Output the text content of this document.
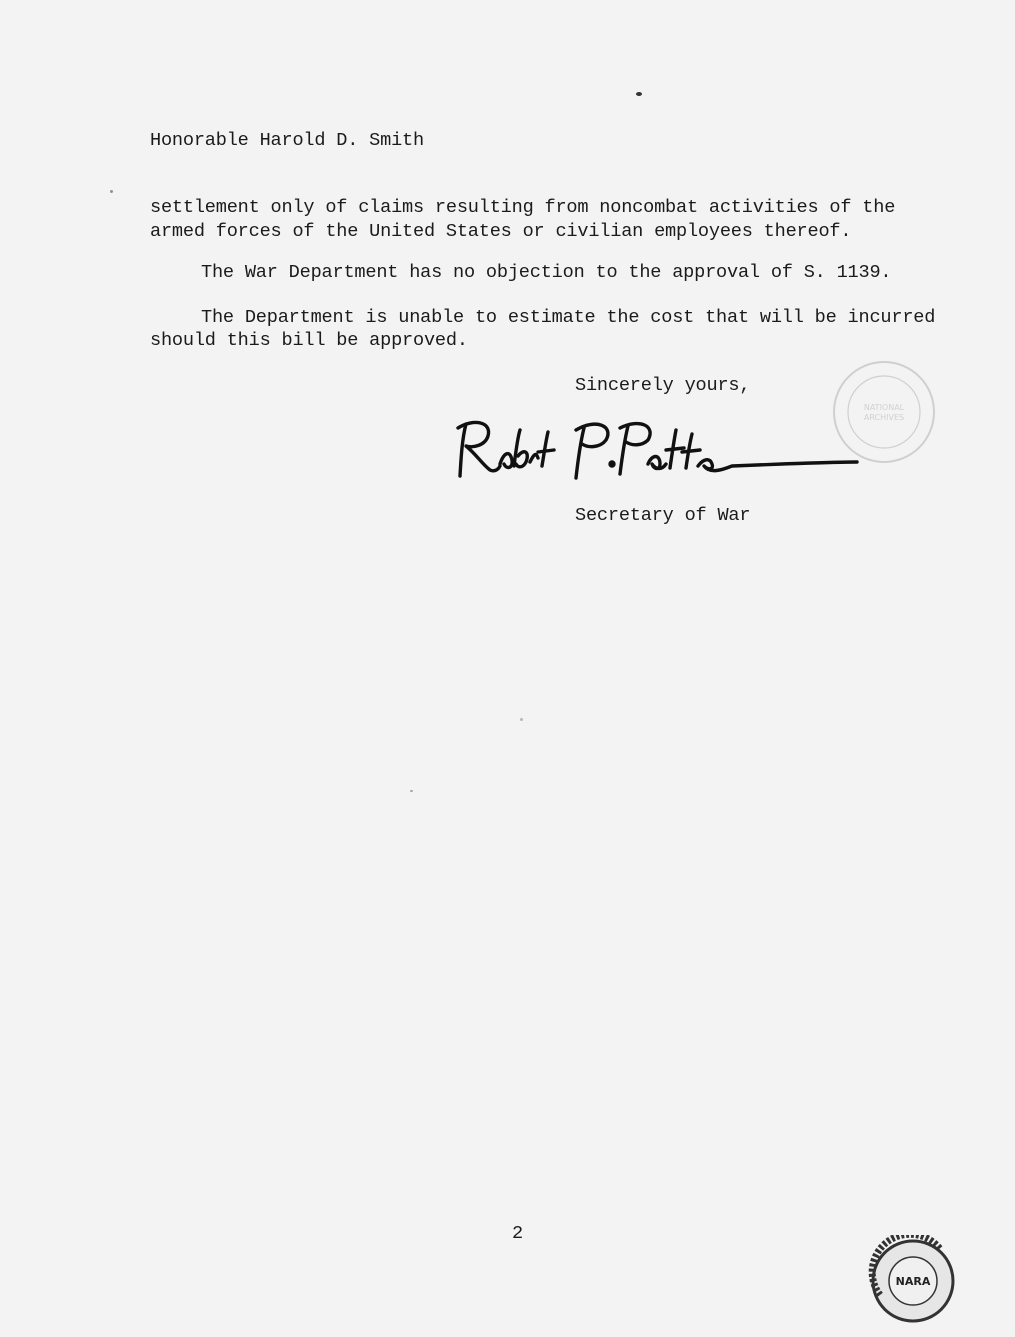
Honorable Harold D. Smith
settlement only of claims resulting from noncombat activities of the
armed forces of the United States or civilian employees thereof.
The War Department has no objection to the approval of S. 1139.
The Department is unable to estimate the cost that will be incurred
should this bill be approved.
Sincerely yours,
Secretary of War
NATIONAL
ARCHIVES
2
NARA
